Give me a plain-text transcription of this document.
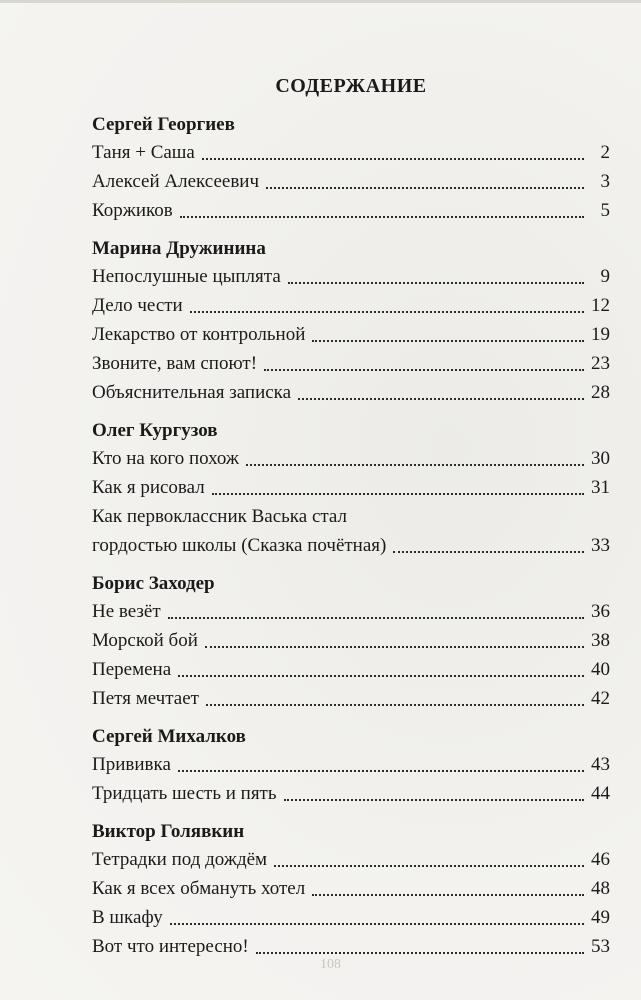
СОДЕРЖАНИЕ
Сергей Георгиев
Таня + Саша	2
Алексей Алексеевич	3
Коржиков	5
Марина Дружинина
Непослушные цыплята	9
Дело чести	12
Лекарство от контрольной	19
Звоните, вам споют!	23
Объяснительная записка	28
Олег Кургузов
Кто на кого похож	30
Как я рисовал	31
Как первоклассник Васька стал
гордостью школы (Сказка почётная)	33
Борис Заходер
Не везёт	36
Морской бой	38
Перемена	40
Петя мечтает	42
Сергей Михалков
Прививка	43
Тридцать шесть и пять	44
Виктор Голявкин
Тетрадки под дождём	46
Как я всех обмануть хотел	48
В шкафу	49
Вот что интересно!	53
108
